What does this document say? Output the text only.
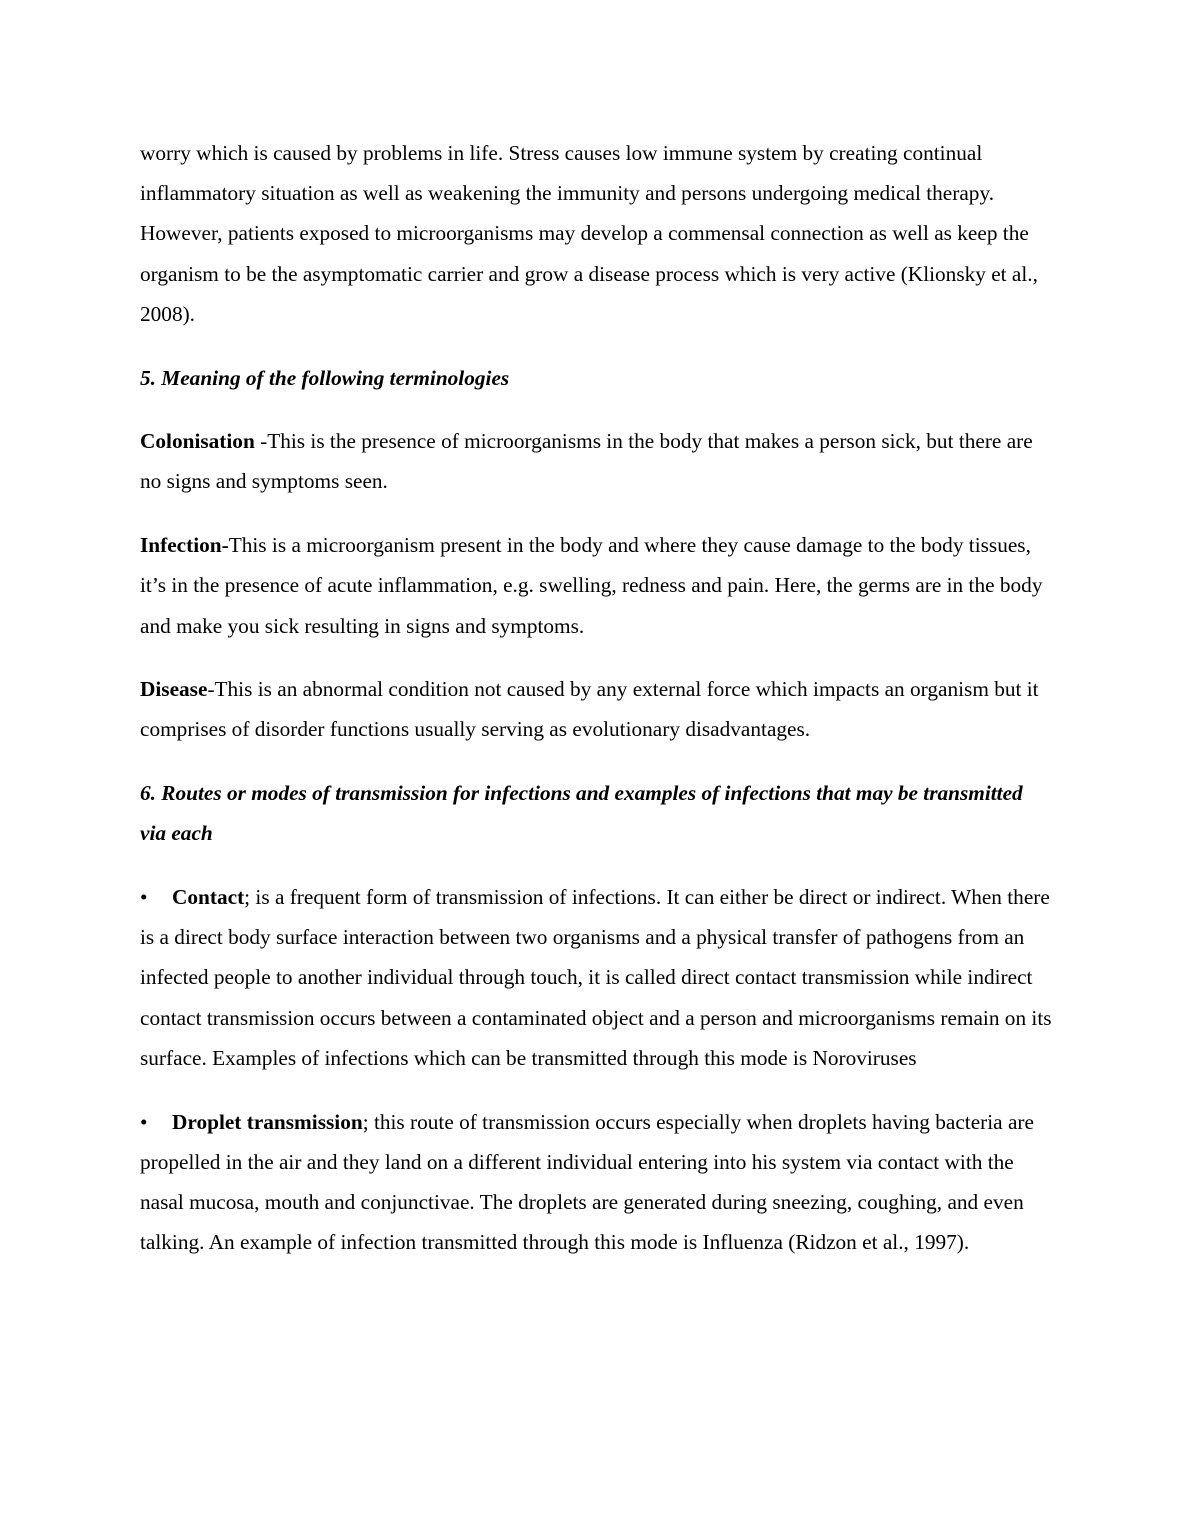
worry which is caused by problems in life. Stress causes low immune system by creating continual inflammatory situation as well as weakening the immunity and persons undergoing medical therapy. However, patients exposed to microorganisms may develop a commensal connection as well as keep the organism to be the asymptomatic carrier and grow a disease process which is very active (Klionsky et al., 2008).

5. Meaning of the following terminologies

Colonisation -This is the presence of microorganisms in the body that makes a person sick, but there are no signs and symptoms seen.

Infection-This is a microorganism present in the body and where they cause damage to the body tissues, it’s in the presence of acute inflammation, e.g. swelling, redness and pain. Here, the germs are in the body and make you sick resulting in signs and symptoms.

Disease-This is an abnormal condition not caused by any external force which impacts an organism but it comprises of disorder functions usually serving as evolutionary disadvantages.

6. Routes or modes of transmission for infections and examples of infections that may be transmitted via each

• Contact; is a frequent form of transmission of infections. It can either be direct or indirect. When there is a direct body surface interaction between two organisms and a physical transfer of pathogens from an infected people to another individual through touch, it is called direct contact transmission while indirect contact transmission occurs between a contaminated object and a person and microorganisms remain on its surface. Examples of infections which can be transmitted through this mode is Noroviruses

• Droplet transmission; this route of transmission occurs especially when droplets having bacteria are propelled in the air and they land on a different individual entering into his system via contact with the nasal mucosa, mouth and conjunctivae. The droplets are generated during sneezing, coughing, and even talking. An example of infection transmitted through this mode is Influenza (Ridzon et al., 1997).
